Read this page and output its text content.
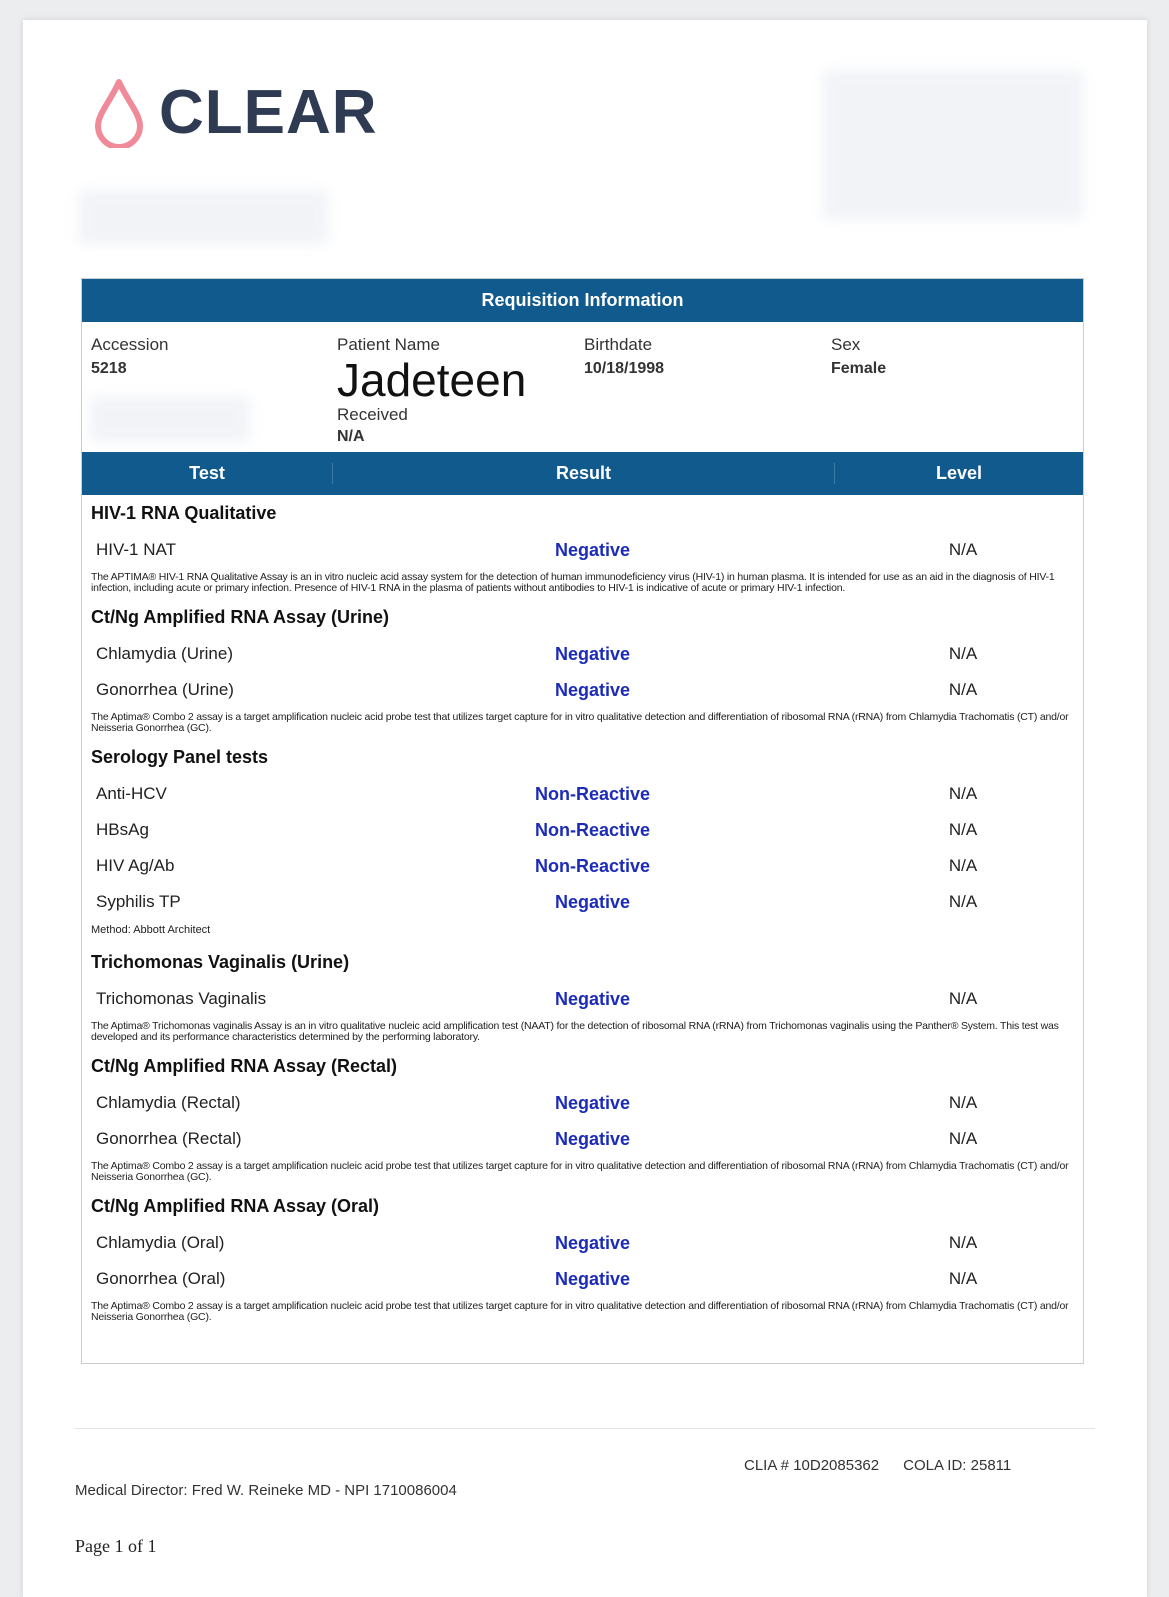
CLEAR
Requisition Information
Accession
5218
Patient Name
Jadeteen
Received
N/A
Birthdate
10/18/1998
Sex
Female
Test	Result	Level
HIV-1 RNA Qualitative
HIV-1 NAT	Negative	N/A
The APTIMA® HIV-1 RNA Qualitative Assay is an in vitro nucleic acid assay system for the detection of human immunodeficiency virus (HIV-1) in human plasma. It is intended for use as an aid in the diagnosis of HIV-1 infection, including acute or primary infection. Presence of HIV-1 RNA in the plasma of patients without antibodies to HIV-1 is indicative of acute or primary HIV-1 infection.
Ct/Ng Amplified RNA Assay (Urine)
Chlamydia (Urine)	Negative	N/A
Gonorrhea (Urine)	Negative	N/A
The Aptima® Combo 2 assay is a target amplification nucleic acid probe test that utilizes target capture for in vitro qualitative detection and differentiation of ribosomal RNA (rRNA) from Chlamydia Trachomatis (CT) and/or Neisseria Gonorrhea (GC).
Serology Panel tests
Anti-HCV	Non-Reactive	N/A
HBsAg	Non-Reactive	N/A
HIV Ag/Ab	Non-Reactive	N/A
Syphilis TP	Negative	N/A
Method: Abbott Architect
Trichomonas Vaginalis (Urine)
Trichomonas Vaginalis	Negative	N/A
The Aptima® Trichomonas vaginalis Assay is an in vitro qualitative nucleic acid amplification test (NAAT) for the detection of ribosomal RNA (rRNA) from Trichomonas vaginalis using the Panther® System. This test was developed and its performance characteristics determined by the performing laboratory.
Ct/Ng Amplified RNA Assay (Rectal)
Chlamydia (Rectal)	Negative	N/A
Gonorrhea (Rectal)	Negative	N/A
The Aptima® Combo 2 assay is a target amplification nucleic acid probe test that utilizes target capture for in vitro qualitative detection and differentiation of ribosomal RNA (rRNA) from Chlamydia Trachomatis (CT) and/or Neisseria Gonorrhea (GC).
Ct/Ng Amplified RNA Assay (Oral)
Chlamydia (Oral)	Negative	N/A
Gonorrhea (Oral)	Negative	N/A
The Aptima® Combo 2 assay is a target amplification nucleic acid probe test that utilizes target capture for in vitro qualitative detection and differentiation of ribosomal RNA (rRNA) from Chlamydia Trachomatis (CT) and/or Neisseria Gonorrhea (GC).
CLIA # 10D2085362 COLA ID: 25811
Medical Director: Fred W. Reineke MD - NPI 1710086004
Page 1 of 1
